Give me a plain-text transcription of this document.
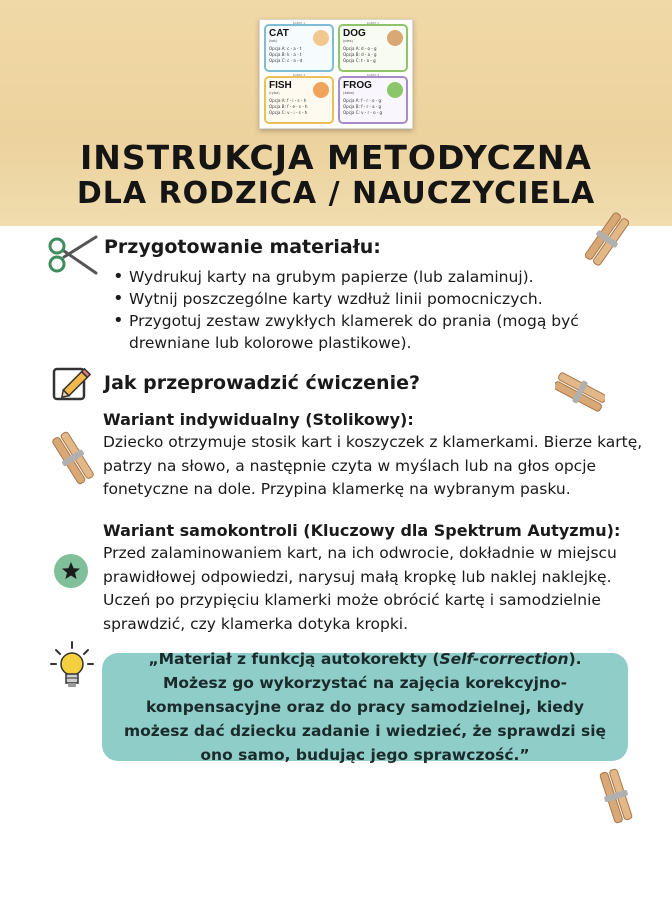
KARTA 1
CAT
(kot)
Opcja A: c - a - t
Opcja B: k - a - t
Opcja C: c - a - d
KARTA 2
DOG
(pies)
Opcja A: d - o - g
Opcja B: d - a - g
Opcja C: t - o - g
KARTA 3
FISH
(ryba)
Opcja A: f - i - s - h
Opcja B: f - e - s - h
Opcja C: v - i - s - h
KARTA 4
FROG
(żaba)
Opcja A: f - r - o - g
Opcja B: f - r - a - g
Opcja C: v - r - o - g
INSTRUKCJA METODYCZNA
DLA RODZICA / NAUCZYCIELA
Przygotowanie materiału:
• Wydrukuj karty na grubym papierze (lub zalaminuj).
• Wytnij poszczególne karty wzdłuż linii pomocniczych.
• Przygotuj zestaw zwykłych klamerek do prania (mogą być drewniane lub kolorowe plastikowe).
Jak przeprowadzić ćwiczenie?
Wariant indywidualny (Stolikowy):
Dziecko otrzymuje stosik kart i koszyczek z klamerkami. Bierze kartę, patrzy na słowo, a następnie czyta w myślach lub na głos opcje fonetyczne na dole. Przypina klamerkę na wybranym pasku.
Wariant samokontroli (Kluczowy dla Spektrum Autyzmu):
Przed zalaminowaniem kart, na ich odwrocie, dokładnie w miejscu prawidłowej odpowiedzi, narysuj małą kropkę lub naklej naklejkę. Uczeń po przypięciu klamerki może obrócić kartę i samodzielnie sprawdzić, czy klamerka dotyka kropki.
„Materiał z funkcją autokorekty (Self-correction). Możesz go wykorzystać na zajęcia korekcyjno-kompensacyjne oraz do pracy samodzielnej, kiedy możesz dać dziecku zadanie i wiedzieć, że sprawdzi się ono samo, budując jego sprawczość.”
